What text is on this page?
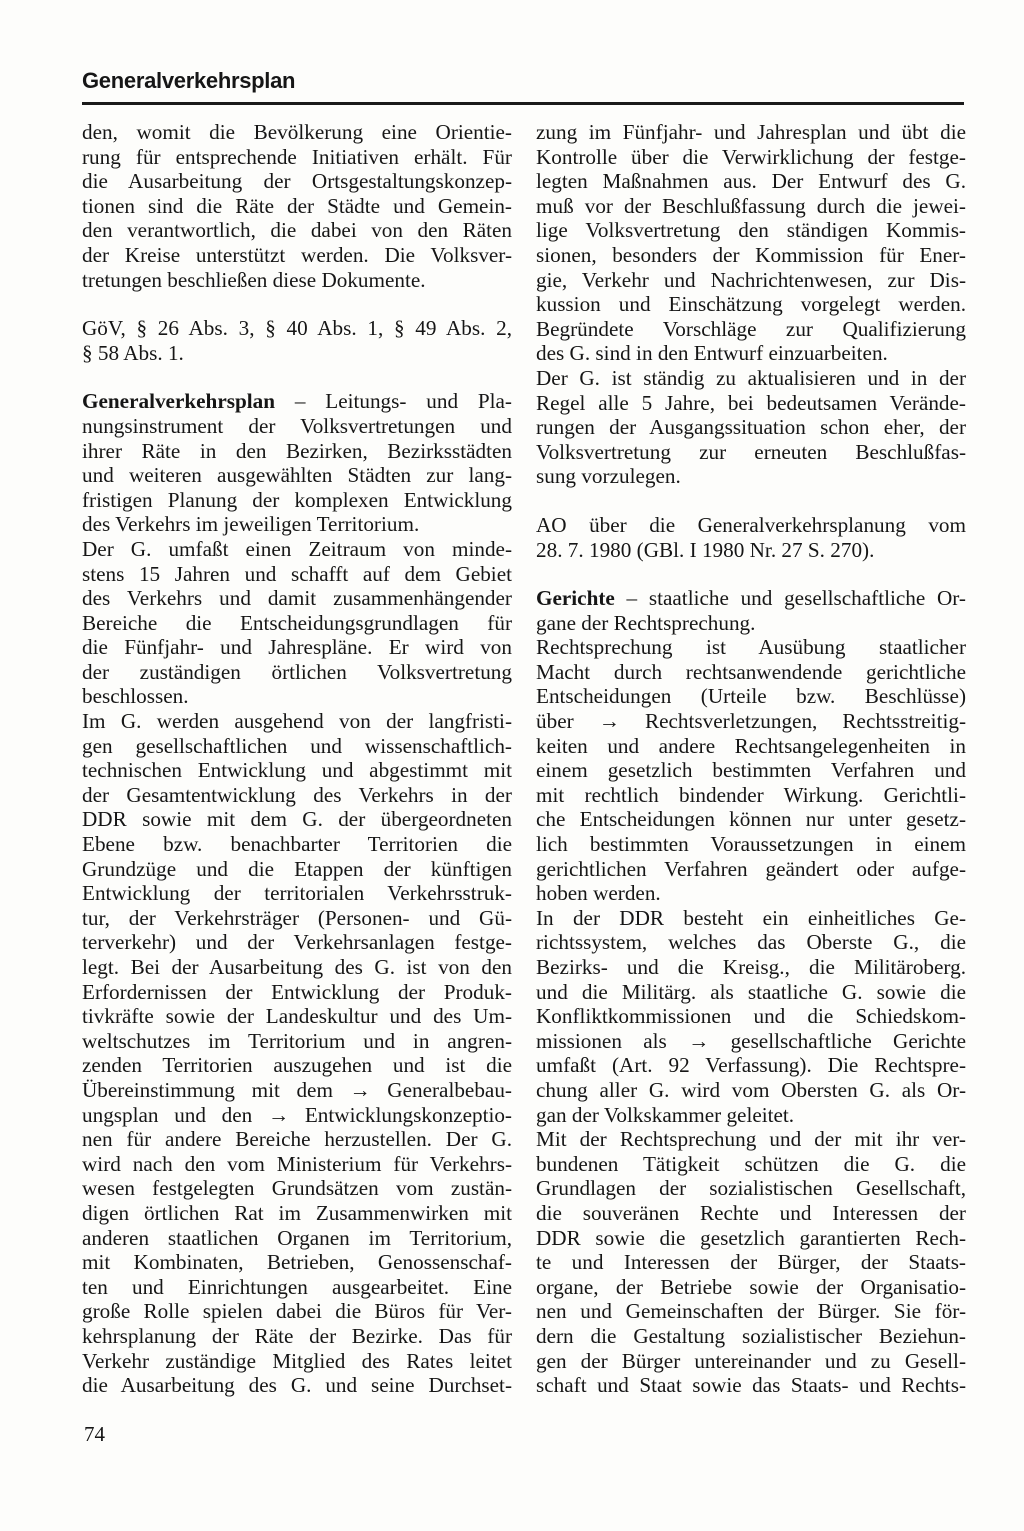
Generalverkehrsplan
den, womit die Bevölkerung eine Orientie-
rung für entsprechende Initiativen erhält. Für
die Ausarbeitung der Ortsgestaltungskonzep-
tionen sind die Räte der Städte und Gemein-
den verantwortlich, die dabei von den Räten
der Kreise unterstützt werden. Die Volksver-
tretungen beschließen diese Dokumente.
GöV, § 26 Abs. 3, § 40 Abs. 1, § 49 Abs. 2,
§ 58 Abs. 1.
Generalverkehrsplan – Leitungs- und Pla-
nungsinstrument der Volksvertretungen und
ihrer Räte in den Bezirken, Bezirksstädten
und weiteren ausgewählten Städten zur lang-
fristigen Planung der komplexen Entwicklung
des Verkehrs im jeweiligen Territorium.
Der G. umfaßt einen Zeitraum von minde-
stens 15 Jahren und schafft auf dem Gebiet
des Verkehrs und damit zusammenhängender
Bereiche die Entscheidungsgrundlagen für
die Fünfjahr- und Jahrespläne. Er wird von
der zuständigen örtlichen Volksvertretung
beschlossen.
Im G. werden ausgehend von der langfristi-
gen gesellschaftlichen und wissenschaftlich-
technischen Entwicklung und abgestimmt mit
der Gesamtentwicklung des Verkehrs in der
DDR sowie mit dem G. der übergeordneten
Ebene bzw. benachbarter Territorien die
Grundzüge und die Etappen der künftigen
Entwicklung der territorialen Verkehrsstruk-
tur, der Verkehrsträger (Personen- und Gü-
terverkehr) und der Verkehrsanlagen festge-
legt. Bei der Ausarbeitung des G. ist von den
Erfordernissen der Entwicklung der Produk-
tivkräfte sowie der Landeskultur und des Um-
weltschutzes im Territorium und in angren-
zenden Territorien auszugehen und ist die
Übereinstimmung mit dem → Generalbebau-
ungsplan und den → Entwicklungskonzeptio-
nen für andere Bereiche herzustellen. Der G.
wird nach den vom Ministerium für Verkehrs-
wesen festgelegten Grundsätzen vom zustän-
digen örtlichen Rat im Zusammenwirken mit
anderen staatlichen Organen im Territorium,
mit Kombinaten, Betrieben, Genossenschaf-
ten und Einrichtungen ausgearbeitet. Eine
große Rolle spielen dabei die Büros für Ver-
kehrsplanung der Räte der Bezirke. Das für
Verkehr zuständige Mitglied des Rates leitet
die Ausarbeitung des G. und seine Durchset-
zung im Fünfjahr- und Jahresplan und übt die
Kontrolle über die Verwirklichung der festge-
legten Maßnahmen aus. Der Entwurf des G.
muß vor der Beschlußfassung durch die jewei-
lige Volksvertretung den ständigen Kommis-
sionen, besonders der Kommission für Ener-
gie, Verkehr und Nachrichtenwesen, zur Dis-
kussion und Einschätzung vorgelegt werden.
Begründete Vorschläge zur Qualifizierung
des G. sind in den Entwurf einzuarbeiten.
Der G. ist ständig zu aktualisieren und in der
Regel alle 5 Jahre, bei bedeutsamen Verände-
rungen der Ausgangssituation schon eher, der
Volksvertretung zur erneuten Beschlußfas-
sung vorzulegen.
AO über die Generalverkehrsplanung vom
28. 7. 1980 (GBl. I 1980 Nr. 27 S. 270).
Gerichte – staatliche und gesellschaftliche Or-
gane der Rechtsprechung.
Rechtsprechung ist Ausübung staatlicher
Macht durch rechtsanwendende gerichtliche
Entscheidungen (Urteile bzw. Beschlüsse)
über → Rechtsverletzungen, Rechtsstreitig-
keiten und andere Rechtsangelegenheiten in
einem gesetzlich bestimmten Verfahren und
mit rechtlich bindender Wirkung. Gerichtli-
che Entscheidungen können nur unter gesetz-
lich bestimmten Voraussetzungen in einem
gerichtlichen Verfahren geändert oder aufge-
hoben werden.
In der DDR besteht ein einheitliches Ge-
richtssystem, welches das Oberste G., die
Bezirks- und die Kreisg., die Militäroberg.
und die Militärg. als staatliche G. sowie die
Konfliktkommissionen und die Schiedskom-
missionen als → gesellschaftliche Gerichte
umfaßt (Art. 92 Verfassung). Die Rechtspre-
chung aller G. wird vom Obersten G. als Or-
gan der Volkskammer geleitet.
Mit der Rechtsprechung und der mit ihr ver-
bundenen Tätigkeit schützen die G. die
Grundlagen der sozialistischen Gesellschaft,
die souveränen Rechte und Interessen der
DDR sowie die gesetzlich garantierten Rech-
te und Interessen der Bürger, der Staats-
organe, der Betriebe sowie der Organisatio-
nen und Gemeinschaften der Bürger. Sie för-
dern die Gestaltung sozialistischer Beziehun-
gen der Bürger untereinander und zu Gesell-
schaft und Staat sowie das Staats- und Rechts-
74
